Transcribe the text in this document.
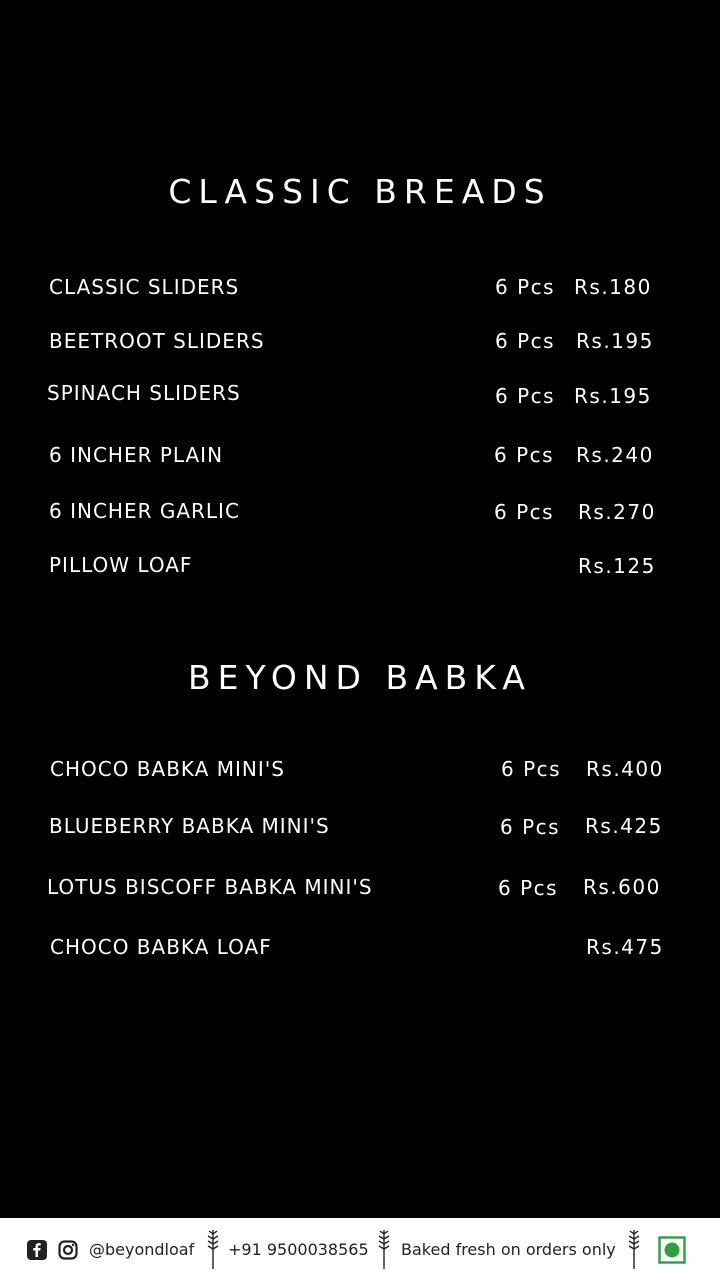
CLASSIC BREADS
CLASSIC SLIDERS	6 Pcs Rs.180
BEETROOT SLIDERS	6 Pcs Rs.195
SPINACH SLIDERS	6 Pcs Rs.195
6 INCHER PLAIN	6 Pcs Rs.240
6 INCHER GARLIC	6 Pcs Rs.270
PILLOW LOAF	Rs.125
BEYOND BABKA
CHOCO BABKA MINI'S	6 Pcs Rs.400
BLUEBERRY BABKA MINI'S	6 Pcs Rs.425
LOTUS BISCOFF BABKA MINI'S	6 Pcs Rs.600
CHOCO BABKA LOAF	Rs.475
@beyondloaf +91 9500038565 Baked fresh on orders only
